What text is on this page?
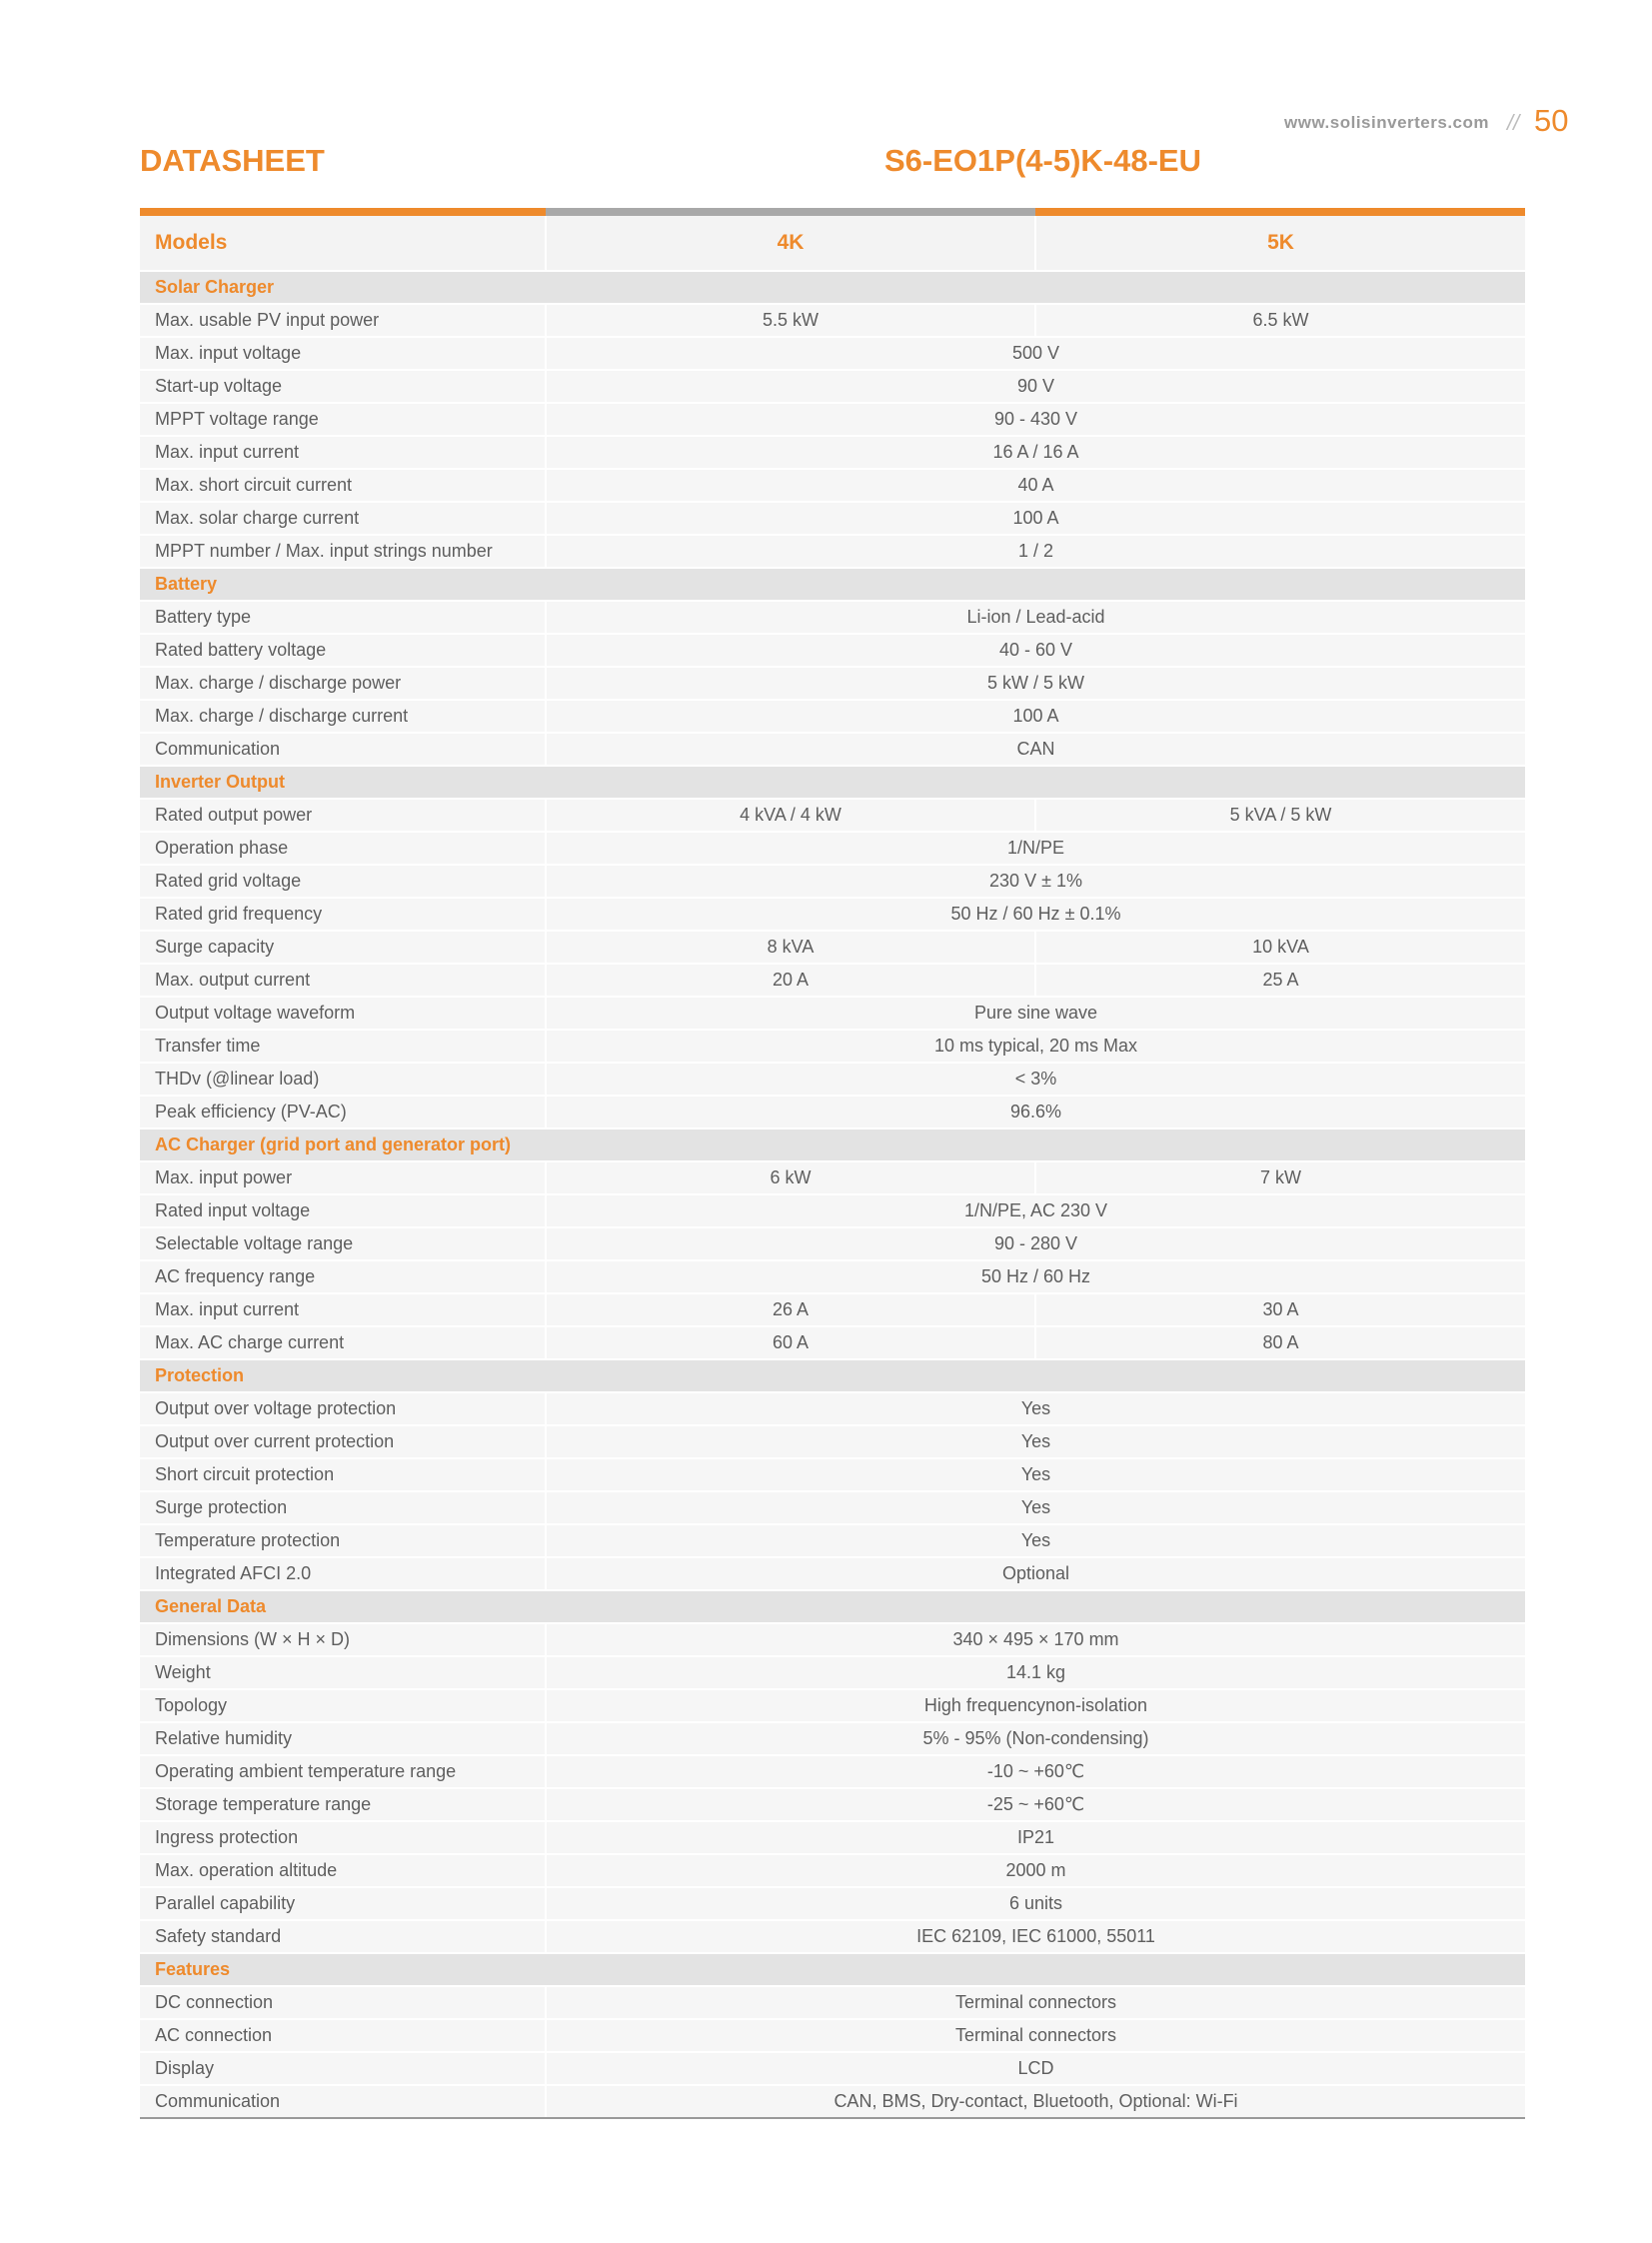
www.solisinverters.com // 50
DATASHEET	S6-EO1P(4-5)K-48-EU
Models	4K	5K
Solar Charger		
Max. usable PV input power	5.5 kW	6.5 kW
Max. input voltage	500 V	
Start-up voltage	90 V	
MPPT voltage range	90 - 430 V	
Max. input current	16 A / 16 A	
Max. short circuit current	40 A	
Max. solar charge current	100 A	
MPPT number / Max. input strings number	1 / 2	
Battery		
Battery type	Li-ion / Lead-acid	
Rated battery voltage	40 - 60 V	
Max. charge / discharge power	5 kW / 5 kW	
Max. charge / discharge current	100 A	
Communication	CAN	
Inverter Output		
Rated output power	4 kVA / 4 kW	5 kVA / 5 kW
Operation phase	1/N/PE	
Rated grid voltage	230 V ± 1%	
Rated grid frequency	50 Hz / 60 Hz ± 0.1%	
Surge capacity	8 kVA	10 kVA
Max. output current	20 A	25 A
Output voltage waveform	Pure sine wave	
Transfer time	10 ms typical, 20 ms Max	
THDv (@linear load)	< 3%	
Peak efficiency (PV-AC)	96.6%	
AC Charger (grid port and generator port)		
Max. input power	6 kW	7 kW
Rated input voltage	1/N/PE, AC 230 V	
Selectable voltage range	90 - 280 V	
AC frequency range	50 Hz / 60 Hz	
Max. input current	26 A	30 A
Max. AC charge current	60 A	80 A
Protection		
Output over voltage protection	Yes	
Output over current protection	Yes	
Short circuit protection	Yes	
Surge protection	Yes	
Temperature protection	Yes	
Integrated AFCI 2.0	Optional	
General Data		
Dimensions (W × H × D)	340 × 495 × 170 mm	
Weight	14.1 kg	
Topology	High frequencynon-isolation	
Relative humidity	5% - 95% (Non-condensing)	
Operating ambient temperature range	-10 ~ +60℃	
Storage temperature range	-25 ~ +60℃	
Ingress protection	IP21	
Max. operation altitude	2000 m	
Parallel capability	6 units	
Safety standard	IEC 62109, IEC 61000, 55011	
Features		
DC connection	Terminal connectors	
AC connection	Terminal connectors	
Display	LCD	
Communication	CAN, BMS, Dry-contact, Bluetooth, Optional: Wi-Fi	
